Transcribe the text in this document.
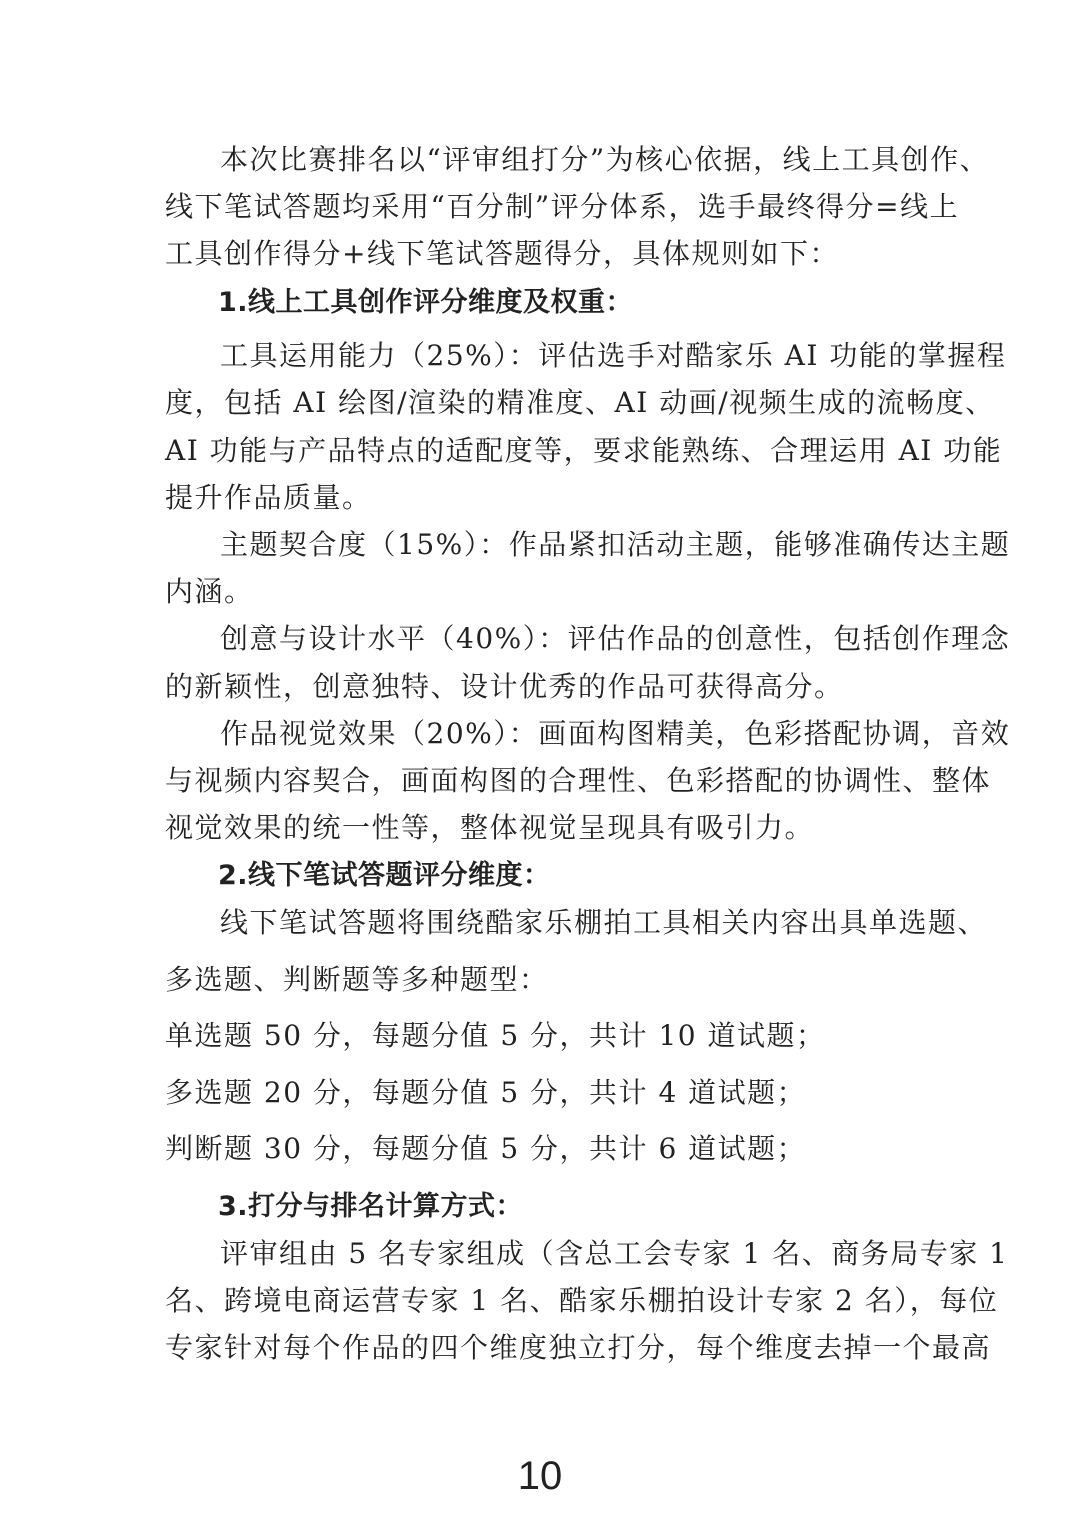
本次比赛排名以“评审组打分”为核心依据，线上工具创作、
线下笔试答题均采用“百分制”评分体系，选手最终得分=线上
工具创作得分+线下笔试答题得分，具体规则如下：
1.线上工具创作评分维度及权重：
工具运用能力（25%）：评估选手对酷家乐 AI 功能的掌握程
度，包括 AI 绘图/渲染的精准度、AI 动画/视频生成的流畅度、
AI 功能与产品特点的适配度等，要求能熟练、合理运用 AI 功能
提升作品质量。
主题契合度（15%）：作品紧扣活动主题，能够准确传达主题
内涵。
创意与设计水平（40%）：评估作品的创意性，包括创作理念
的新颖性，创意独特、设计优秀的作品可获得高分。
作品视觉效果（20%）：画面构图精美，色彩搭配协调，音效
与视频内容契合，画面构图的合理性、色彩搭配的协调性、整体
视觉效果的统一性等，整体视觉呈现具有吸引力。
2.线下笔试答题评分维度：
线下笔试答题将围绕酷家乐棚拍工具相关内容出具单选题、
多选题、判断题等多种题型：
单选题 50 分，每题分值 5 分，共计 10 道试题；
多选题 20 分，每题分值 5 分，共计 4 道试题；
判断题 30 分，每题分值 5 分，共计 6 道试题；
3.打分与排名计算方式：
评审组由 5 名专家组成（含总工会专家 1 名、商务局专家 1
名、跨境电商运营专家 1 名、酷家乐棚拍设计专家 2 名），每位
专家针对每个作品的四个维度独立打分，每个维度去掉一个最高
10
